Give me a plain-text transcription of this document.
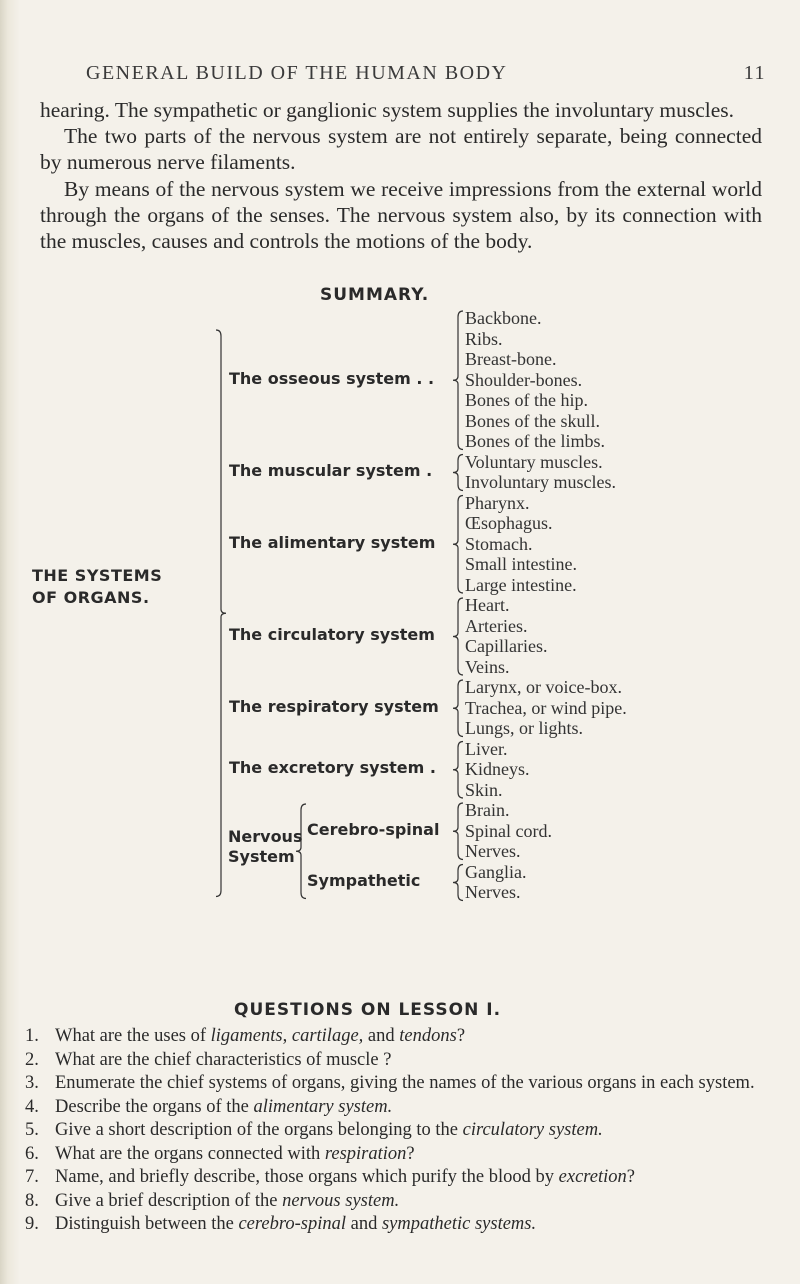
GENERAL BUILD OF THE HUMAN BODY	11

hearing. The sympathetic or ganglionic system supplies the involuntary muscles.

The two parts of the nervous system are not entirely separate, being connected by numerous nerve filaments.

By means of the nervous system we receive impressions from the external world through the organs of the senses. The nervous system also, by its connection with the muscles, causes and controls the motions of the body.

SUMMARY.
THE SYSTEMS
OF ORGANS.
Backbone.
Ribs.
Breast-bone.
Shoulder-bones.
Bones of the hip.
Bones of the skull.
Bones of the limbs.
The osseous system . .
Voluntary muscles.
Involuntary muscles.
The muscular system .
Pharynx.
Œsophagus.
Stomach.
Small intestine.
Large intestine.
The alimentary system
Heart.
Arteries.
Capillaries.
Veins.
The circulatory system
Larynx, or voice-box.
Trachea, or wind pipe.
Lungs, or lights.
The respiratory system
Liver.
Kidneys.
Skin.
The excretory system .
Brain.
Spinal cord.
Nerves.
Cerebro-spinal
Ganglia.
Nerves.
Sympathetic
Nervous
System
QUESTIONS ON LESSON I.
1. What are the uses of ligaments, cartilage, and tendons?
2. What are the chief characteristics of muscle ?
3. Enumerate the chief systems of organs, giving the names of the various organs in each system.
4. Describe the organs of the alimentary system.
5. Give a short description of the organs belonging to the circulatory system.
6. What are the organs connected with respiration?
7. Name, and briefly describe, those organs which purify the blood by excretion?
8. Give a brief description of the nervous system.
9. Distinguish between the cerebro-spinal and sympathetic systems.
